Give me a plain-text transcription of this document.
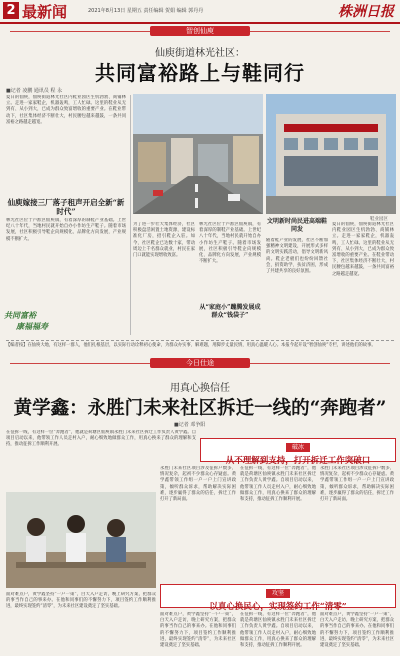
2 最新闻	2021年8月13日 星期五 责任编辑 贺娟 编辑 郭丹丹	株洲日报
智创仙庾
仙庾街道林光社区：
共同富裕路上与鞋同行
■记者 凌鹏 通讯员 程 永
夏日的仙庾，仙庾街道林光社区内鞋业园区生机勃勃、商铺林立。走进一家家鞋企，机器轰鸣，工人忙碌。这里的鞋业从无到有、从小到大，已成为群众致富增收的重要产业。在鞋业带动下，社区集体经济不断壮大，村民腰包越来越鼓，一条共同富裕之路越走越宽。
仙庾嫁接三厂落子租声开启全新“新时代”
林光社区位于芦淞区仙庾镇，有着深厚的制鞋产业基础。上世纪八十年代，当地村民就开始自办小作坊生产鞋子。随着市场发展，社区积极引导鞋企向规模化、品牌化方向发展，产业规模不断扩大。
共同富裕
康福福寿
鞋业园区
为了进一步壮大集体经济，社区积极盘活闲置土地资源，建设标准化厂房，招引鞋企入驻。如今，社区鞋企已达数十家，带动周边上千名群众就业，村民在家门口就能实现增收致富。
林光社区位于芦淞区仙庾镇，有着深厚的制鞋产业基础。上世纪八十年代，当地村民就开始自办小作坊生产鞋子。随着市场发展，社区积极引导鞋企向规模化、品牌化方向发展，产业规模不断扩大。
从“家庭小”蹦腾发展成群众“钱袋子”
文明新时尚民进高端鞋同发
随着鞋产业的发展，社区不断加强精神文明建设，开展形式多样的文明实践活动，倡导文明新风尚。鞋企老板们也纷纷回馈社会，捐资助学、扶贫济困，形成了共建共享的良好氛围。
夏日的仙庾，仙庾街道林光社区内鞋业园区生机勃勃、商铺林立。走进一家家鞋企，机器轰鸣，工人忙碌。这里的鞋业从无到有、从小到大，已成为群众致富增收的重要产业。在鞋业带动下，社区集体经济不断壮大，村民腰包越来越鼓，一条共同富裕之路越走越宽。
【编者按】在仙庾大地，有这样一群人，他们扎根基层，以实际行动诠释初心使命，为群众办实事、解难题，用脚步丈量民情，用真心温暖人心。本报今起开设“智创仙庾”专栏，讲述他们的故事。
今日仕途
用真心换信任
黄学鑫：永胜门未来社区拆迁一线的“奔跑者”
■记者 邓争阳
在征拆一线，有这样一位“奔跑者”，他就是荷塘区仙庾镇永胜门未来社区拆迁工作负责人黄学鑫。自项目启动以来，他带领工作人员走村入户，耐心细致地做群众工作，用真心换来了群众的理解和支持，推动征拆工作顺利开展。
面对难点户，黄学鑫坚持“一户一策”，白天入户走访，晚上研究方案，把群众的事当作自己的事来办。在他和同事们的不懈努力下，项目签约工作顺利推进，最终实现签约“清零”，为未来社区建设奠定了坚实基础。
破冰
从不理解到支持，打开拆迁工作突破口
永胜门未来社区项目涉及征拆户数多、情况复杂，起初不少群众心存疑虑。黄学鑫带领工作组一户一户上门宣讲政策，倾听群众诉求，帮助解决实际困难，逐步赢得了群众的信任，拆迁工作打开了新局面。
在征拆一线，有这样一位“奔跑者”，他就是荷塘区仙庾镇永胜门未来社区拆迁工作负责人黄学鑫。自项目启动以来，他带领工作人员走村入户，耐心细致地做群众工作，用真心换来了群众的理解和支持，推动征拆工作顺利开展。
永胜门未来社区项目涉及征拆户数多、情况复杂，起初不少群众心存疑虑。黄学鑫带领工作组一户一户上门宣讲政策，倾听群众诉求，帮助解决实际困难，逐步赢得了群众的信任，拆迁工作打开了新局面。
攻坚
以真心换民心，实现签约工作“清零”
面对难点户，黄学鑫坚持“一户一策”，白天入户走访，晚上研究方案，把群众的事当作自己的事来办。在他和同事们的不懈努力下，项目签约工作顺利推进，最终实现签约“清零”，为未来社区建设奠定了坚实基础。
在征拆一线，有这样一位“奔跑者”，他就是荷塘区仙庾镇永胜门未来社区拆迁工作负责人黄学鑫。自项目启动以来，他带领工作人员走村入户，耐心细致地做群众工作，用真心换来了群众的理解和支持，推动征拆工作顺利开展。
面对难点户，黄学鑫坚持“一户一策”，白天入户走访，晚上研究方案，把群众的事当作自己的事来办。在他和同事们的不懈努力下，项目签约工作顺利推进，最终实现签约“清零”，为未来社区建设奠定了坚实基础。
